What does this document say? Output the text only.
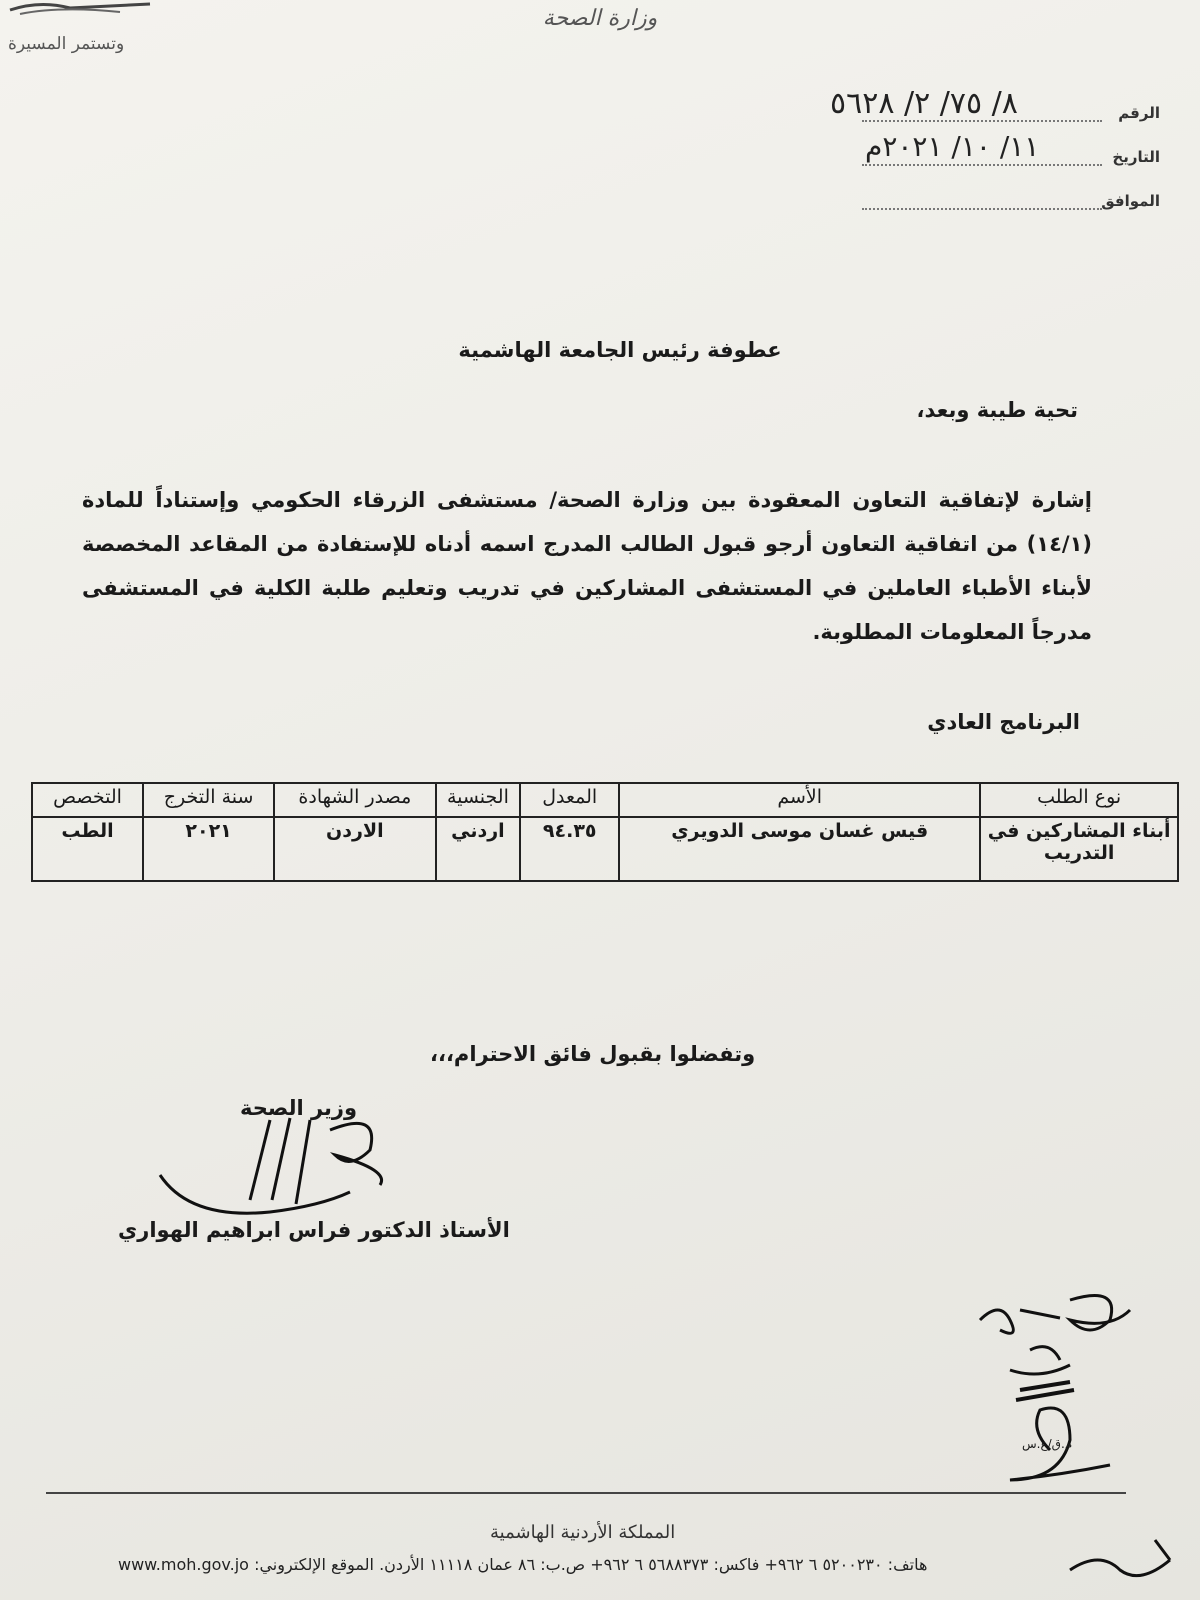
وتستمر المسيرة
وزارة الصحة
الرقم
٨/ ٧٥/ ٢/ ٥٦٢٨
التاريخ
١١/ ١٠/ ٢٠٢١م
الموافق
عطوفة رئيس الجامعة الهاشمية
تحية طيبة وبعد،
إشارة لإتفاقية التعاون المعقودة بين وزارة الصحة/ مستشفى الزرقاء الحكومي وإستناداً للمادة (١٤/١) من اتفاقية التعاون أرجو قبول الطالب المدرج اسمه أدناه للإستفادة من المقاعد المخصصة لأبناء الأطباء العاملين في المستشفى المشاركين في تدريب وتعليم طلبة الكلية في المستشفى مدرجاً المعلومات المطلوبة.
البرنامج العادي
نوع الطلب	الأسم	المعدل	الجنسية	مصدر الشهادة	سنة التخرج	التخصص
أبناء المشاركين في التدريب	قيس غسان موسى الدويري	٩٤.٣٥	اردني	الاردن	٢٠٢١	الطب
وتفضلوا بقبول فائق الاحترام،،،
وزير الصحة
الأستاذ الدكتور فراس ابراهيم الهواري
م.ق/ع.س
المملكة الأردنية الهاشمية
هاتف: ٥٢٠٠٢٣٠ ٦ ٩٦٢+ فاكس: ٥٦٨٨٣٧٣ ٦ ٩٦٢+ ص.ب: ٨٦ عمان ١١١١٨ الأردن. الموقع الإلكتروني: www.moh.gov.jo
